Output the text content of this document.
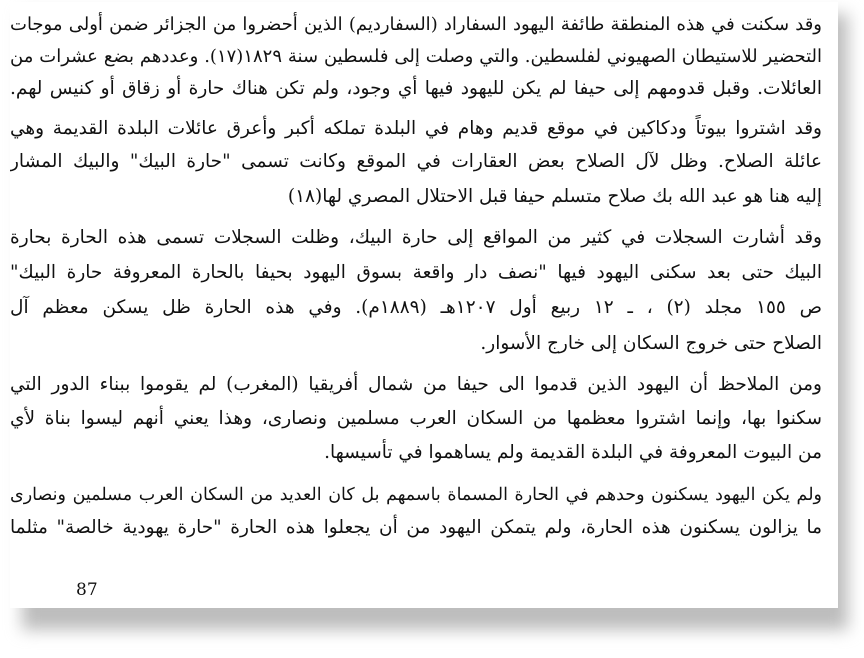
وقد سكنت في هذه المنطقة طائفة اليهود السفاراد (السفارديم) الذين أحضروا من الجزائر ضمن أولى موجات
التحضير للاستيطان الصهيوني لفلسطين. والتي وصلت إلى فلسطين سنة ١٨٢٩(١٧). وعددهم بضع عشرات من
العائلات. وقبل قدومهم إلى حيفا لم يكن لليهود فيها أي وجود، ولم تكن هناك حارة أو زقاق أو كنيس لهم.
وقد اشتروا بيوتاً ودكاكين في موقع قديم وهام في البلدة تملكه أكبر وأعرق عائلات البلدة القديمة وهي
عائلة الصلاح. وظل لآل الصلاح بعض العقارات في الموقع وكانت تسمى "حارة البيك" والبيك المشار
إليه هنا هو عبد الله بك صلاح متسلم حيفا قبل الاحتلال المصري لها(١٨)
وقد أشارت السجلات في كثير من المواقع إلى حارة البيك، وظلت السجلات تسمى هذه الحارة بحارة
البيك حتى بعد سكنى اليهود فيها "نصف دار واقعة بسوق اليهود بحيفا بالحارة المعروفة حارة البيك"
ص ١٥٥ مجلد (٢) ، ـ ١٢ ربيع أول ١٢٠٧هـ (١٨٨٩م). وفي هذه الحارة ظل يسكن معظم آل
الصلاح حتى خروج السكان إلى خارج الأسوار.
ومن الملاحظ أن اليهود الذين قدموا الى حيفا من شمال أفريقيا (المغرب) لم يقوموا ببناء الدور التي
سكنوا بها، وإنما اشتروا معظمها من السكان العرب مسلمين ونصارى، وهذا يعني أنهم ليسوا بناة لأي
من البيوت المعروفة في البلدة القديمة ولم يساهموا في تأسيسها.
ولم يكن اليهود يسكنون وحدهم في الحارة المسماة باسمهم بل كان العديد من السكان العرب مسلمين ونصارى
ما يزالون يسكنون هذه الحارة، ولم يتمكن اليهود من أن يجعلوا هذه الحارة "حارة يهودية خالصة" مثلما
87
